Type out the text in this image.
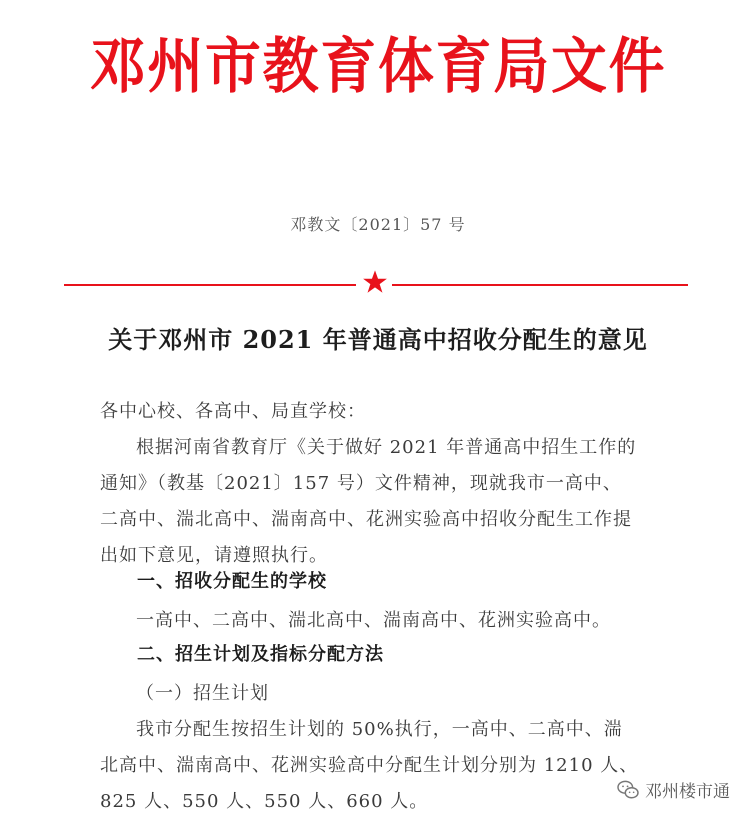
邓州市教育体育局文件
邓教文〔2021〕57 号
关于邓州市 2021 年普通高中招收分配生的意见
各中心校、各高中、局直学校：
根据河南省教育厅《关于做好 2021 年普通高中招生工作的通知》（教基〔2021〕157 号）文件精神，现就我市一高中、二高中、湍北高中、湍南高中、花洲实验高中招收分配生工作提出如下意见，请遵照执行。
一、招收分配生的学校
一高中、二高中、湍北高中、湍南高中、花洲实验高中。
二、招生计划及指标分配方法
（一）招生计划
我市分配生按招生计划的 50%执行，一高中、二高中、湍北高中、湍南高中、花洲实验高中分配生计划分别为 1210 人、825 人、550 人、550 人、660 人。	邓州楼市通
